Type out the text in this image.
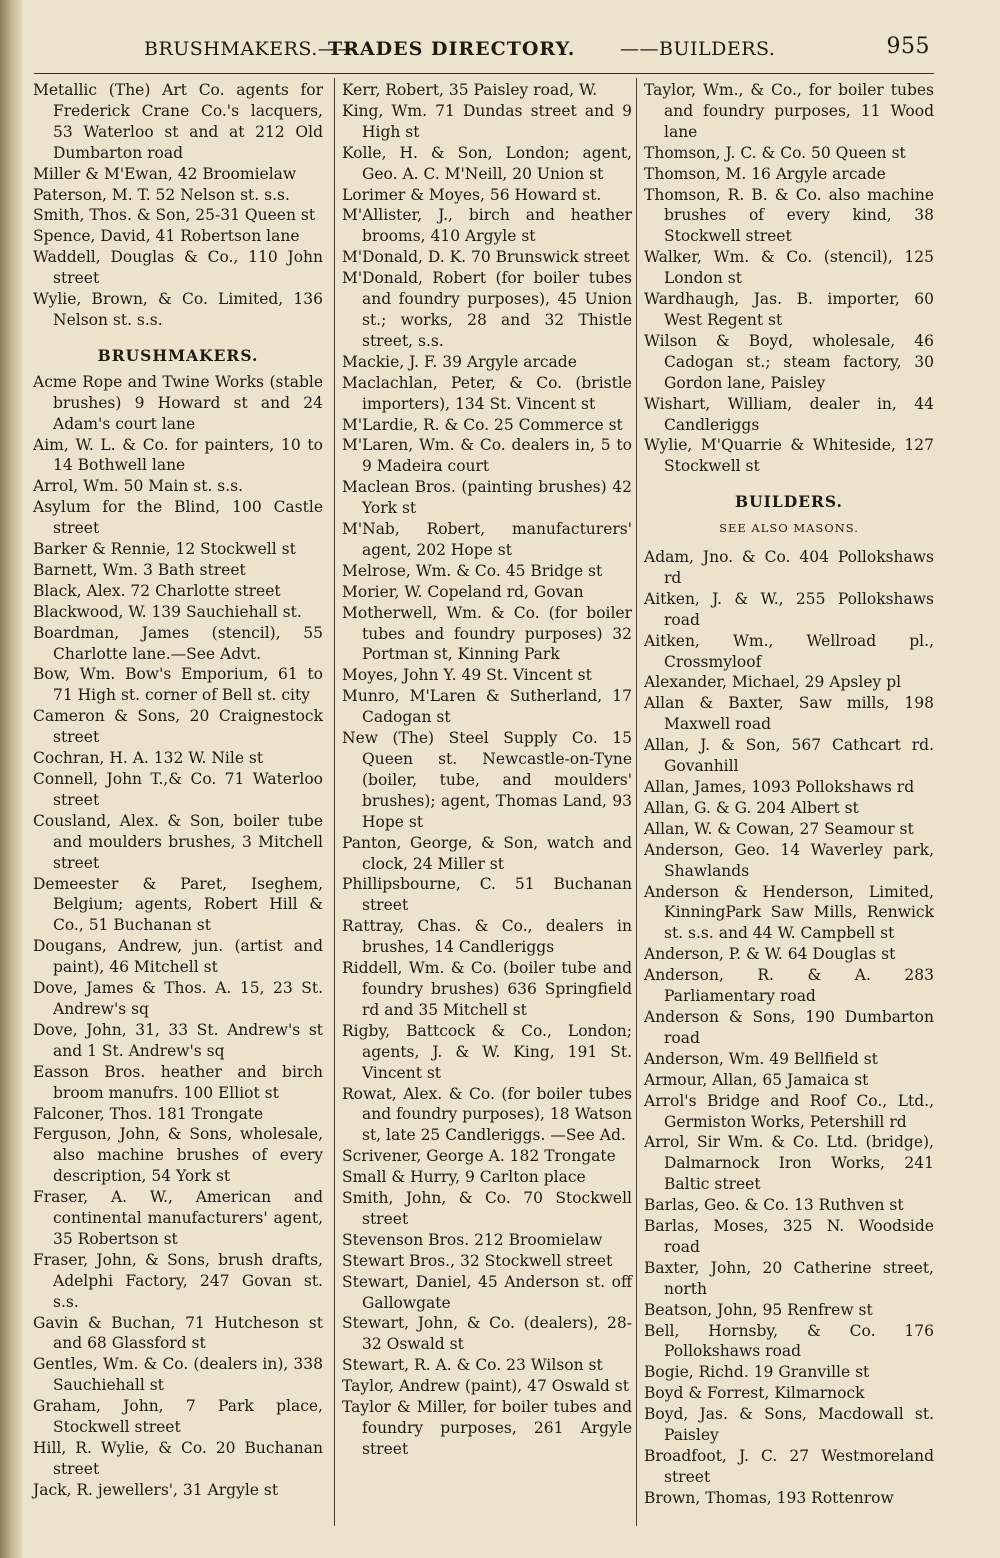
BRUSHMAKERS.——
TRADES DIRECTORY. ——BUILDERS.	955
Metallic (The) Art Co. agents for Frederick Crane Co.'s lacquers, 53 Waterloo st and at 212 Old Dumbarton road
Miller & M'Ewan, 42 Broomielaw
Paterson, M. T. 52 Nelson st. s.s.
Smith, Thos. & Son, 25-31 Queen st
Spence, David, 41 Robertson lane
Waddell, Douglas & Co., 110 John street
Wylie, Brown, & Co. Limited, 136 Nelson st. s.s.
BRUSHMAKERS.
Acme Rope and Twine Works (stable brushes) 9 Howard st and 24 Adam's court lane
Aim, W. L. & Co. for painters, 10 to 14 Bothwell lane
Arrol, Wm. 50 Main st. s.s.
Asylum for the Blind, 100 Castle street
Barker & Rennie, 12 Stockwell st
Barnett, Wm. 3 Bath street
Black, Alex. 72 Charlotte street
Blackwood, W. 139 Sauchiehall st.
Boardman, James (stencil), 55 Charlotte lane.—See Advt.
Bow, Wm. Bow's Emporium, 61 to 71 High st. corner of Bell st. city
Cameron & Sons, 20 Craignestock street
Cochran, H. A. 132 W. Nile st
Connell, John T.,& Co. 71 Waterloo street
Cousland, Alex. & Son, boiler tube and moulders brushes, 3 Mitchell street
Demeester & Paret, Iseghem, Belgium; agents, Robert Hill & Co., 51 Buchanan st
Dougans, Andrew, jun. (artist and paint), 46 Mitchell st
Dove, James & Thos. A. 15, 23 St. Andrew's sq
Dove, John, 31, 33 St. Andrew's st and 1 St. Andrew's sq
Easson Bros. heather and birch broom manufrs. 100 Elliot st
Falconer, Thos. 181 Trongate
Ferguson, John, & Sons, wholesale, also machine brushes of every description, 54 York st
Fraser, A. W., American and continental manufacturers' agent, 35 Robertson st
Fraser, John, & Sons, brush drafts, Adelphi Factory, 247 Govan st. s.s.
Gavin & Buchan, 71 Hutcheson st and 68 Glassford st
Gentles, Wm. & Co. (dealers in), 338 Sauchiehall st
Graham, John, 7 Park place, Stockwell street
Hill, R. Wylie, & Co. 20 Buchanan street
Jack, R. jewellers', 31 Argyle st
Kerr, Robert, 35 Paisley road, W.
King, Wm. 71 Dundas street and 9 High st
Kolle, H. & Son, London; agent, Geo. A. C. M'Neill, 20 Union st
Lorimer & Moyes, 56 Howard st.
M'Allister, J., birch and heather brooms, 410 Argyle st
M'Donald, D. K. 70 Brunswick street
M'Donald, Robert (for boiler tubes and foundry purposes), 45 Union st.; works, 28 and 32 Thistle street, s.s.
Mackie, J. F. 39 Argyle arcade
Maclachlan, Peter, & Co. (bristle importers), 134 St. Vincent st
M'Lardie, R. & Co. 25 Commerce st
M'Laren, Wm. & Co. dealers in, 5 to 9 Madeira court
Maclean Bros. (painting brushes) 42 York st
M'Nab, Robert, manufacturers' agent, 202 Hope st
Melrose, Wm. & Co. 45 Bridge st
Morier, W. Copeland rd, Govan
Motherwell, Wm. & Co. (for boiler tubes and foundry purposes) 32 Portman st, Kinning Park
Moyes, John Y. 49 St. Vincent st
Munro, M'Laren & Sutherland, 17 Cadogan st
New (The) Steel Supply Co. 15 Queen st. Newcastle-on-Tyne (boiler, tube, and moulders' brushes); agent, Thomas Land, 93 Hope st
Panton, George, & Son, watch and clock, 24 Miller st
Phillipsbourne, C. 51 Buchanan street
Rattray, Chas. & Co., dealers in brushes, 14 Candleriggs
Riddell, Wm. & Co. (boiler tube and foundry brushes) 636 Springfield rd and 35 Mitchell st
Rigby, Battcock & Co., London; agents, J. & W. King, 191 St. Vincent st
Rowat, Alex. & Co. (for boiler tubes and foundry purposes), 18 Watson st, late 25 Candleriggs. —See Ad.
Scrivener, George A. 182 Trongate
Small & Hurry, 9 Carlton place
Smith, John, & Co. 70 Stockwell street
Stevenson Bros. 212 Broomielaw
Stewart Bros., 32 Stockwell street
Stewart, Daniel, 45 Anderson st. off Gallowgate
Stewart, John, & Co. (dealers), 28-32 Oswald st
Stewart, R. A. & Co. 23 Wilson st
Taylor, Andrew (paint), 47 Oswald st
Taylor & Miller, for boiler tubes and foundry purposes, 261 Argyle street
Taylor, Wm., & Co., for boiler tubes and foundry purposes, 11 Wood lane
Thomson, J. C. & Co. 50 Queen st
Thomson, M. 16 Argyle arcade
Thomson, R. B. & Co. also machine brushes of every kind, 38 Stockwell street
Walker, Wm. & Co. (stencil), 125 London st
Wardhaugh, Jas. B. importer, 60 West Regent st
Wilson & Boyd, wholesale, 46 Cadogan st.; steam factory, 30 Gordon lane, Paisley
Wishart, William, dealer in, 44 Candleriggs
Wylie, M'Quarrie & Whiteside, 127 Stockwell st
BUILDERS.
SEE ALSO MASONS.
Adam, Jno. & Co. 404 Pollokshaws rd
Aitken, J. & W., 255 Pollokshaws road
Aitken, Wm., Wellroad pl., Crossmyloof
Alexander, Michael, 29 Apsley pl
Allan & Baxter, Saw mills, 198 Maxwell road
Allan, J. & Son, 567 Cathcart rd. Govanhill
Allan, James, 1093 Pollokshaws rd
Allan, G. & G. 204 Albert st
Allan, W. & Cowan, 27 Seamour st
Anderson, Geo. 14 Waverley park, Shawlands
Anderson & Henderson, Limited, KinningPark Saw Mills, Renwick st. s.s. and 44 W. Campbell st
Anderson, P. & W. 64 Douglas st
Anderson, R. & A. 283 Parliamentary road
Anderson & Sons, 190 Dumbarton road
Anderson, Wm. 49 Bellfield st
Armour, Allan, 65 Jamaica st
Arrol's Bridge and Roof Co., Ltd., Germiston Works, Petershill rd
Arrol, Sir Wm. & Co. Ltd. (bridge), Dalmarnock Iron Works, 241 Baltic street
Barlas, Geo. & Co. 13 Ruthven st
Barlas, Moses, 325 N. Woodside road
Baxter, John, 20 Catherine street, north
Beatson, John, 95 Renfrew st
Bell, Hornsby, & Co. 176 Pollokshaws road
Bogie, Richd. 19 Granville st
Boyd & Forrest, Kilmarnock
Boyd, Jas. & Sons, Macdowall st. Paisley
Broadfoot, J. C. 27 Westmoreland street
Brown, Thomas, 193 Rottenrow
